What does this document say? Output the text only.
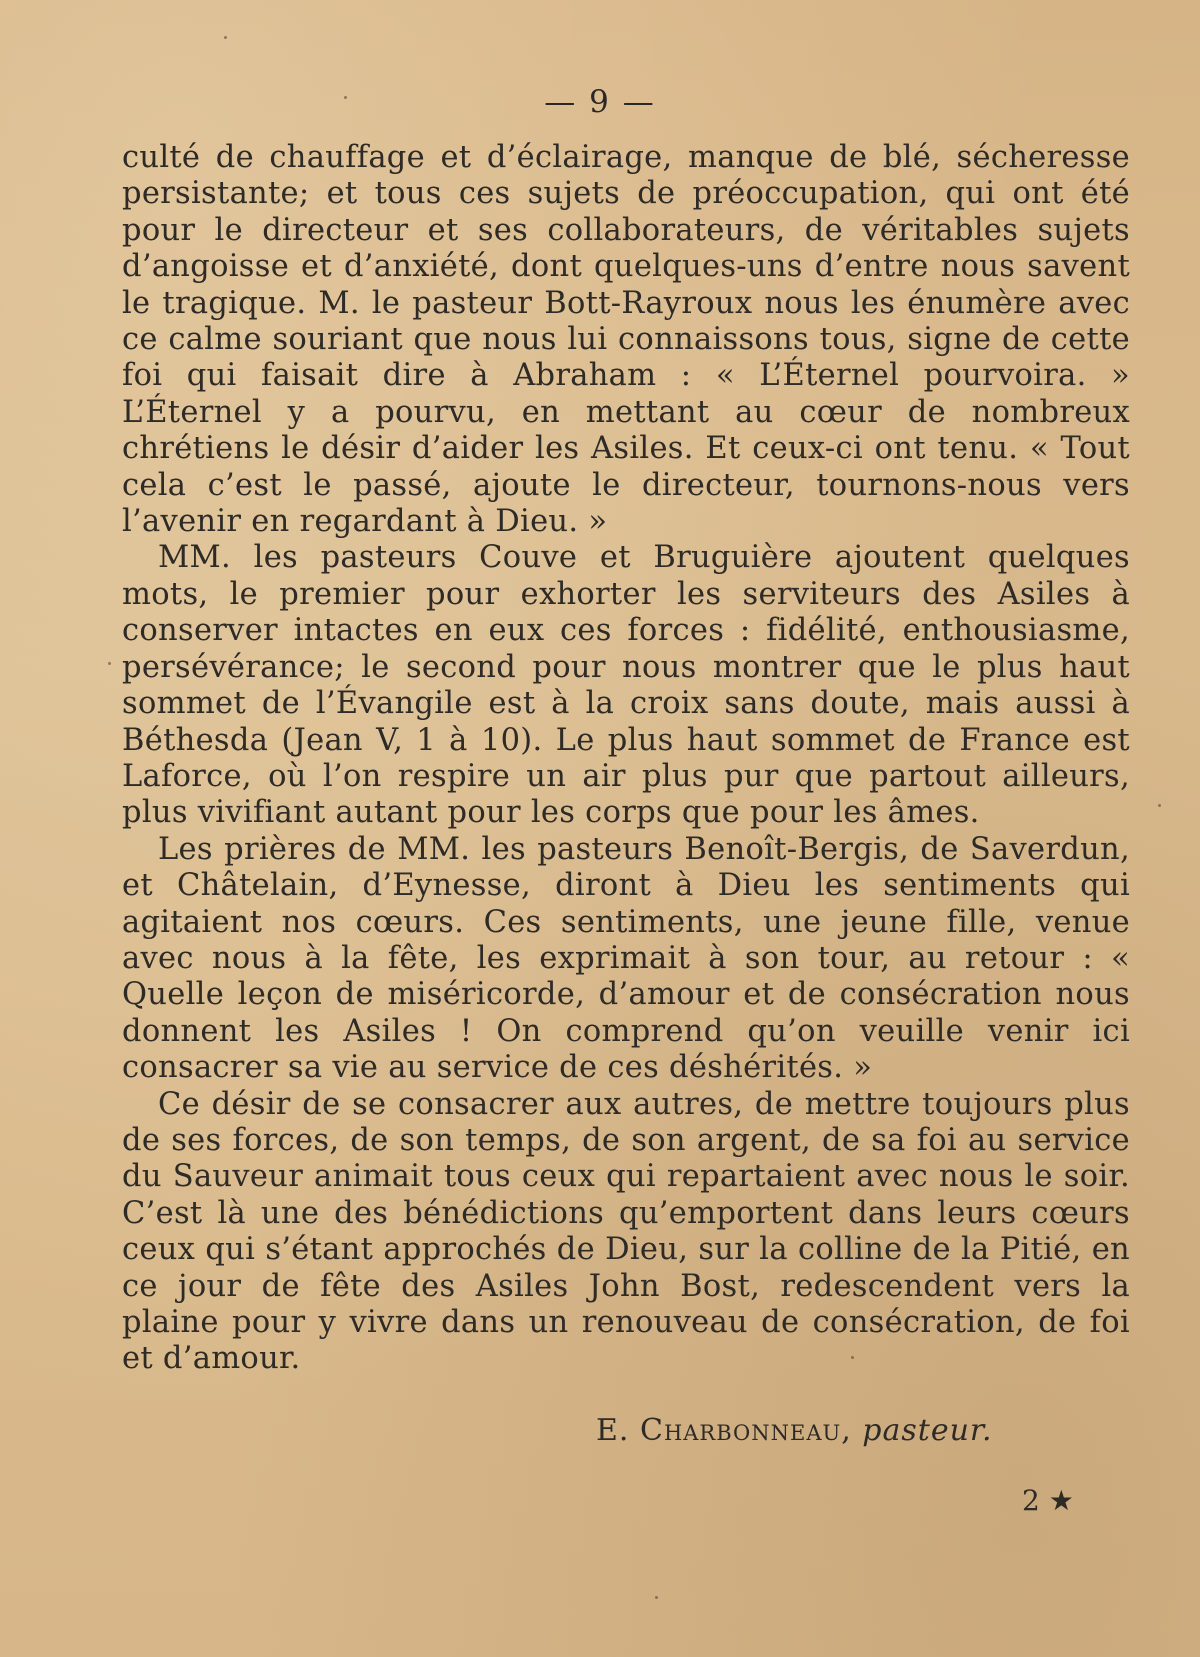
— 9 —

culté de chauffage et d’éclairage, manque de blé, sécheresse persistante; et tous ces sujets de préoccupation, qui ont été pour le directeur et ses collaborateurs, de véritables sujets d’angoisse et d’anxiété, dont quelques-uns d’entre nous savent le tragique. M. le pasteur Bott-Rayroux nous les énumère avec ce calme souriant que nous lui connaissons tous, signe de cette foi qui faisait dire à Abraham : « L’Éternel pourvoira. » L’Éternel y a pourvu, en mettant au cœur de nombreux chrétiens le désir d’aider les Asiles. Et ceux-ci ont tenu. « Tout cela c’est le passé, ajoute le directeur, tournons-nous vers l’avenir en regardant à Dieu. »

MM. les pasteurs Couve et Bruguière ajoutent quelques mots, le premier pour exhorter les serviteurs des Asiles à conserver intactes en eux ces forces : fidélité, enthousiasme, persévérance; le second pour nous montrer que le plus haut sommet de l’Évangile est à la croix sans doute, mais aussi à Béthesda (Jean V, 1 à 10). Le plus haut sommet de France est Laforce, où l’on respire un air plus pur que partout ailleurs, plus vivifiant autant pour les corps que pour les âmes.

Les prières de MM. les pasteurs Benoît-Bergis, de Saverdun, et Châtelain, d’Eynesse, diront à Dieu les sentiments qui agitaient nos cœurs. Ces sentiments, une jeune fille, venue avec nous à la fête, les exprimait à son tour, au retour : « Quelle leçon de miséricorde, d’amour et de consécration nous donnent les Asiles ! On comprend qu’on veuille venir ici consacrer sa vie au service de ces déshérités. »

Ce désir de se consacrer aux autres, de mettre toujours plus de ses forces, de son temps, de son argent, de sa foi au service du Sauveur animait tous ceux qui repartaient avec nous le soir. C’est là une des bénédictions qu’emportent dans leurs cœurs ceux qui s’étant approchés de Dieu, sur la colline de la Pitié, en ce jour de fête des Asiles John Bost, redescendent vers la plaine pour y vivre dans un renouveau de consécration, de foi et d’amour.

E. Charbonneau, pasteur.
2 ★
